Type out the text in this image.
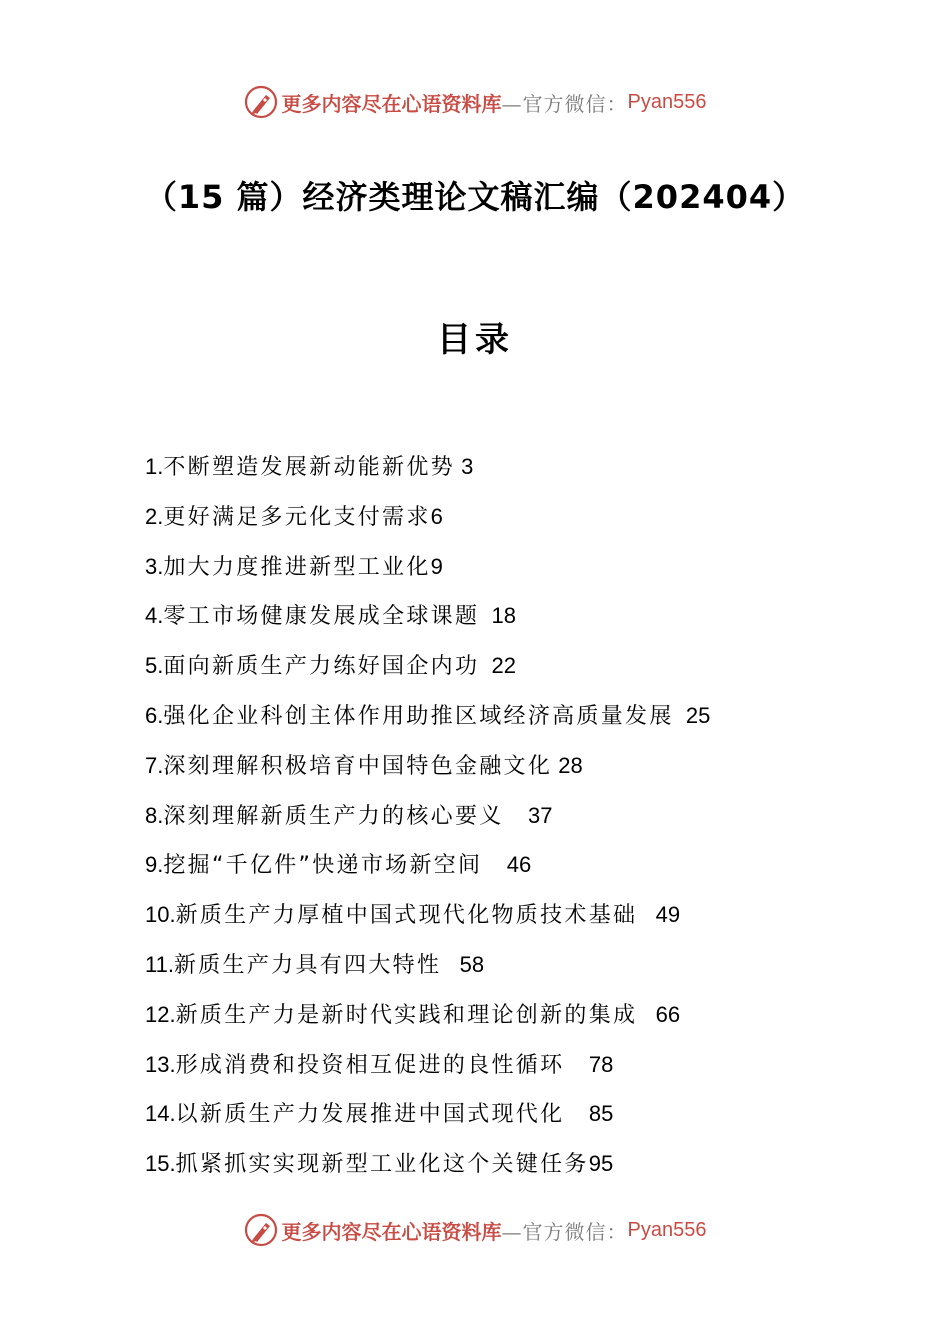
更多内容尽在心语资料库 —官方微信： Pyan556
（15 篇）经济类理论文稿汇编（202404）
目录
1.不断塑造发展新动能新优势 3
2.更好满足多元化支付需求6
3.加大力度推进新型工业化9
4.零工市场健康发展成全球课题  18
5.面向新质生产力练好国企内功  22
6.强化企业科创主体作用助推区域经济高质量发展  25
7.深刻理解积极培育中国特色金融文化 28
8.深刻理解新质生产力的核心要义    37
9.挖掘“千亿件”快递市场新空间    46
10.新质生产力厚植中国式现代化物质技术基础   49
11.新质生产力具有四大特性   58
12.新质生产力是新时代实践和理论创新的集成   66
13.形成消费和投资相互促进的良性循环    78
14.以新质生产力发展推进中国式现代化    85
15.抓紧抓实实现新型工业化这个关键任务95
更多内容尽在心语资料库 —官方微信： Pyan556
